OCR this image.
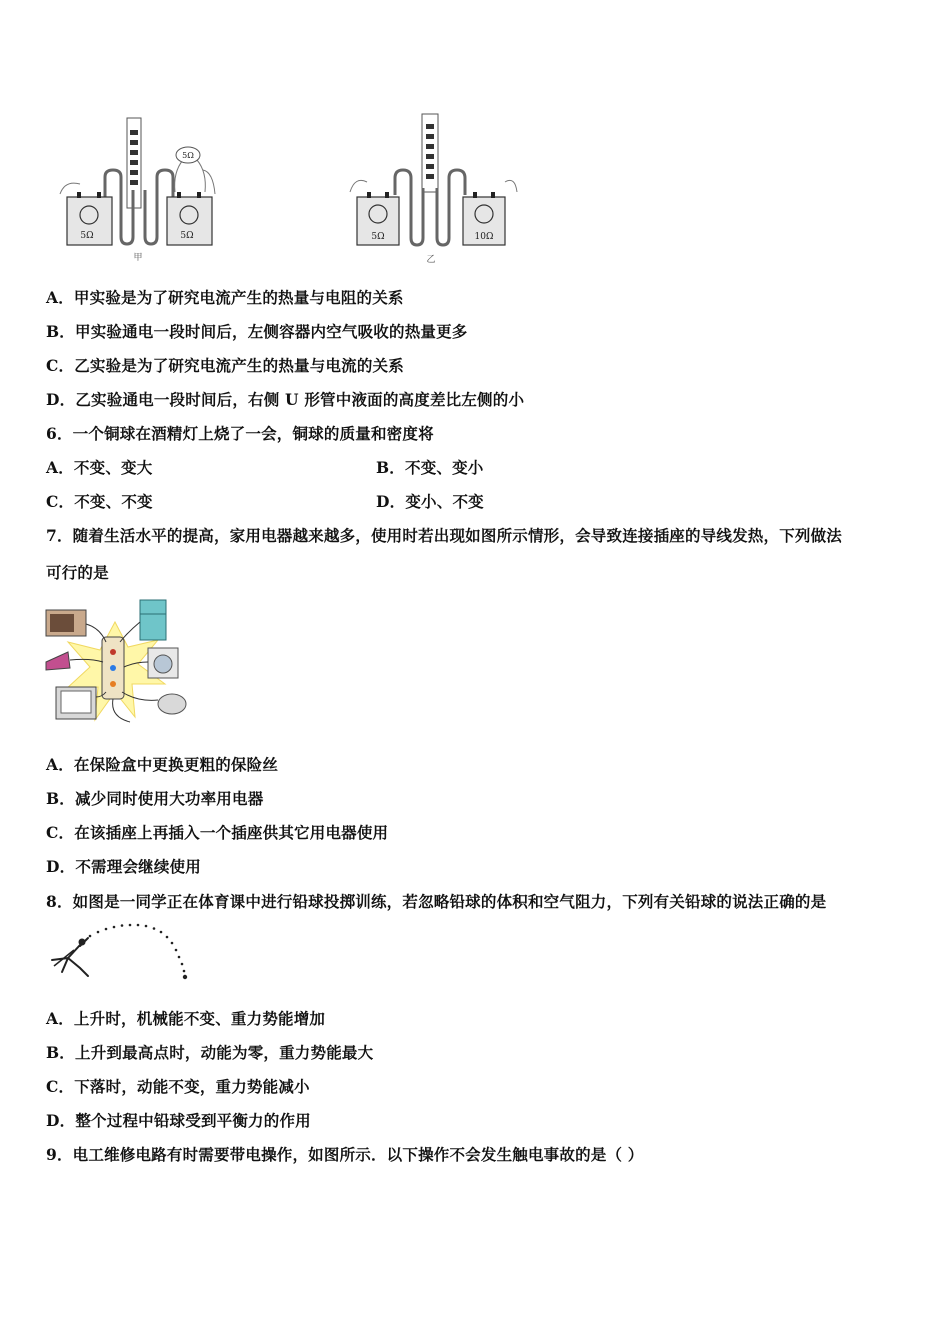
5Ω
5Ω	5Ω
甲
5Ω	10Ω
乙
A．甲实验是为了研究电流产生的热量与电阻的关系
B．甲实验通电一段时间后，左侧容器内空气吸收的热量更多
C．乙实验是为了研究电流产生的热量与电流的关系
D．乙实验通电一段时间后，右侧 U 形管中液面的高度差比左侧的小
6．一个铜球在酒精灯上烧了一会，铜球的质量和密度将
A．不变、变大	B．不变、变小
C．不变、不变	D．变小、不变
7．随着生活水平的提高，家用电器越来越多，使用时若出现如图所示情形，会导致连接插座的导线发热，下列做法
可行的是
A．在保险盒中更换更粗的保险丝
B．减少同时使用大功率用电器
C．在该插座上再插入一个插座供其它用电器使用
D．不需理会继续使用
8．如图是一同学正在体育课中进行铅球投掷训练，若忽略铅球的体积和空气阻力，下列有关铅球的说法正确的是
A．上升时，机械能不变、重力势能增加
B．上升到最高点时，动能为零，重力势能最大
C．下落时，动能不变，重力势能减小
D．整个过程中铅球受到平衡力的作用
9．电工维修电路有时需要带电操作，如图所示．以下操作不会发生触电事故的是（ ）
